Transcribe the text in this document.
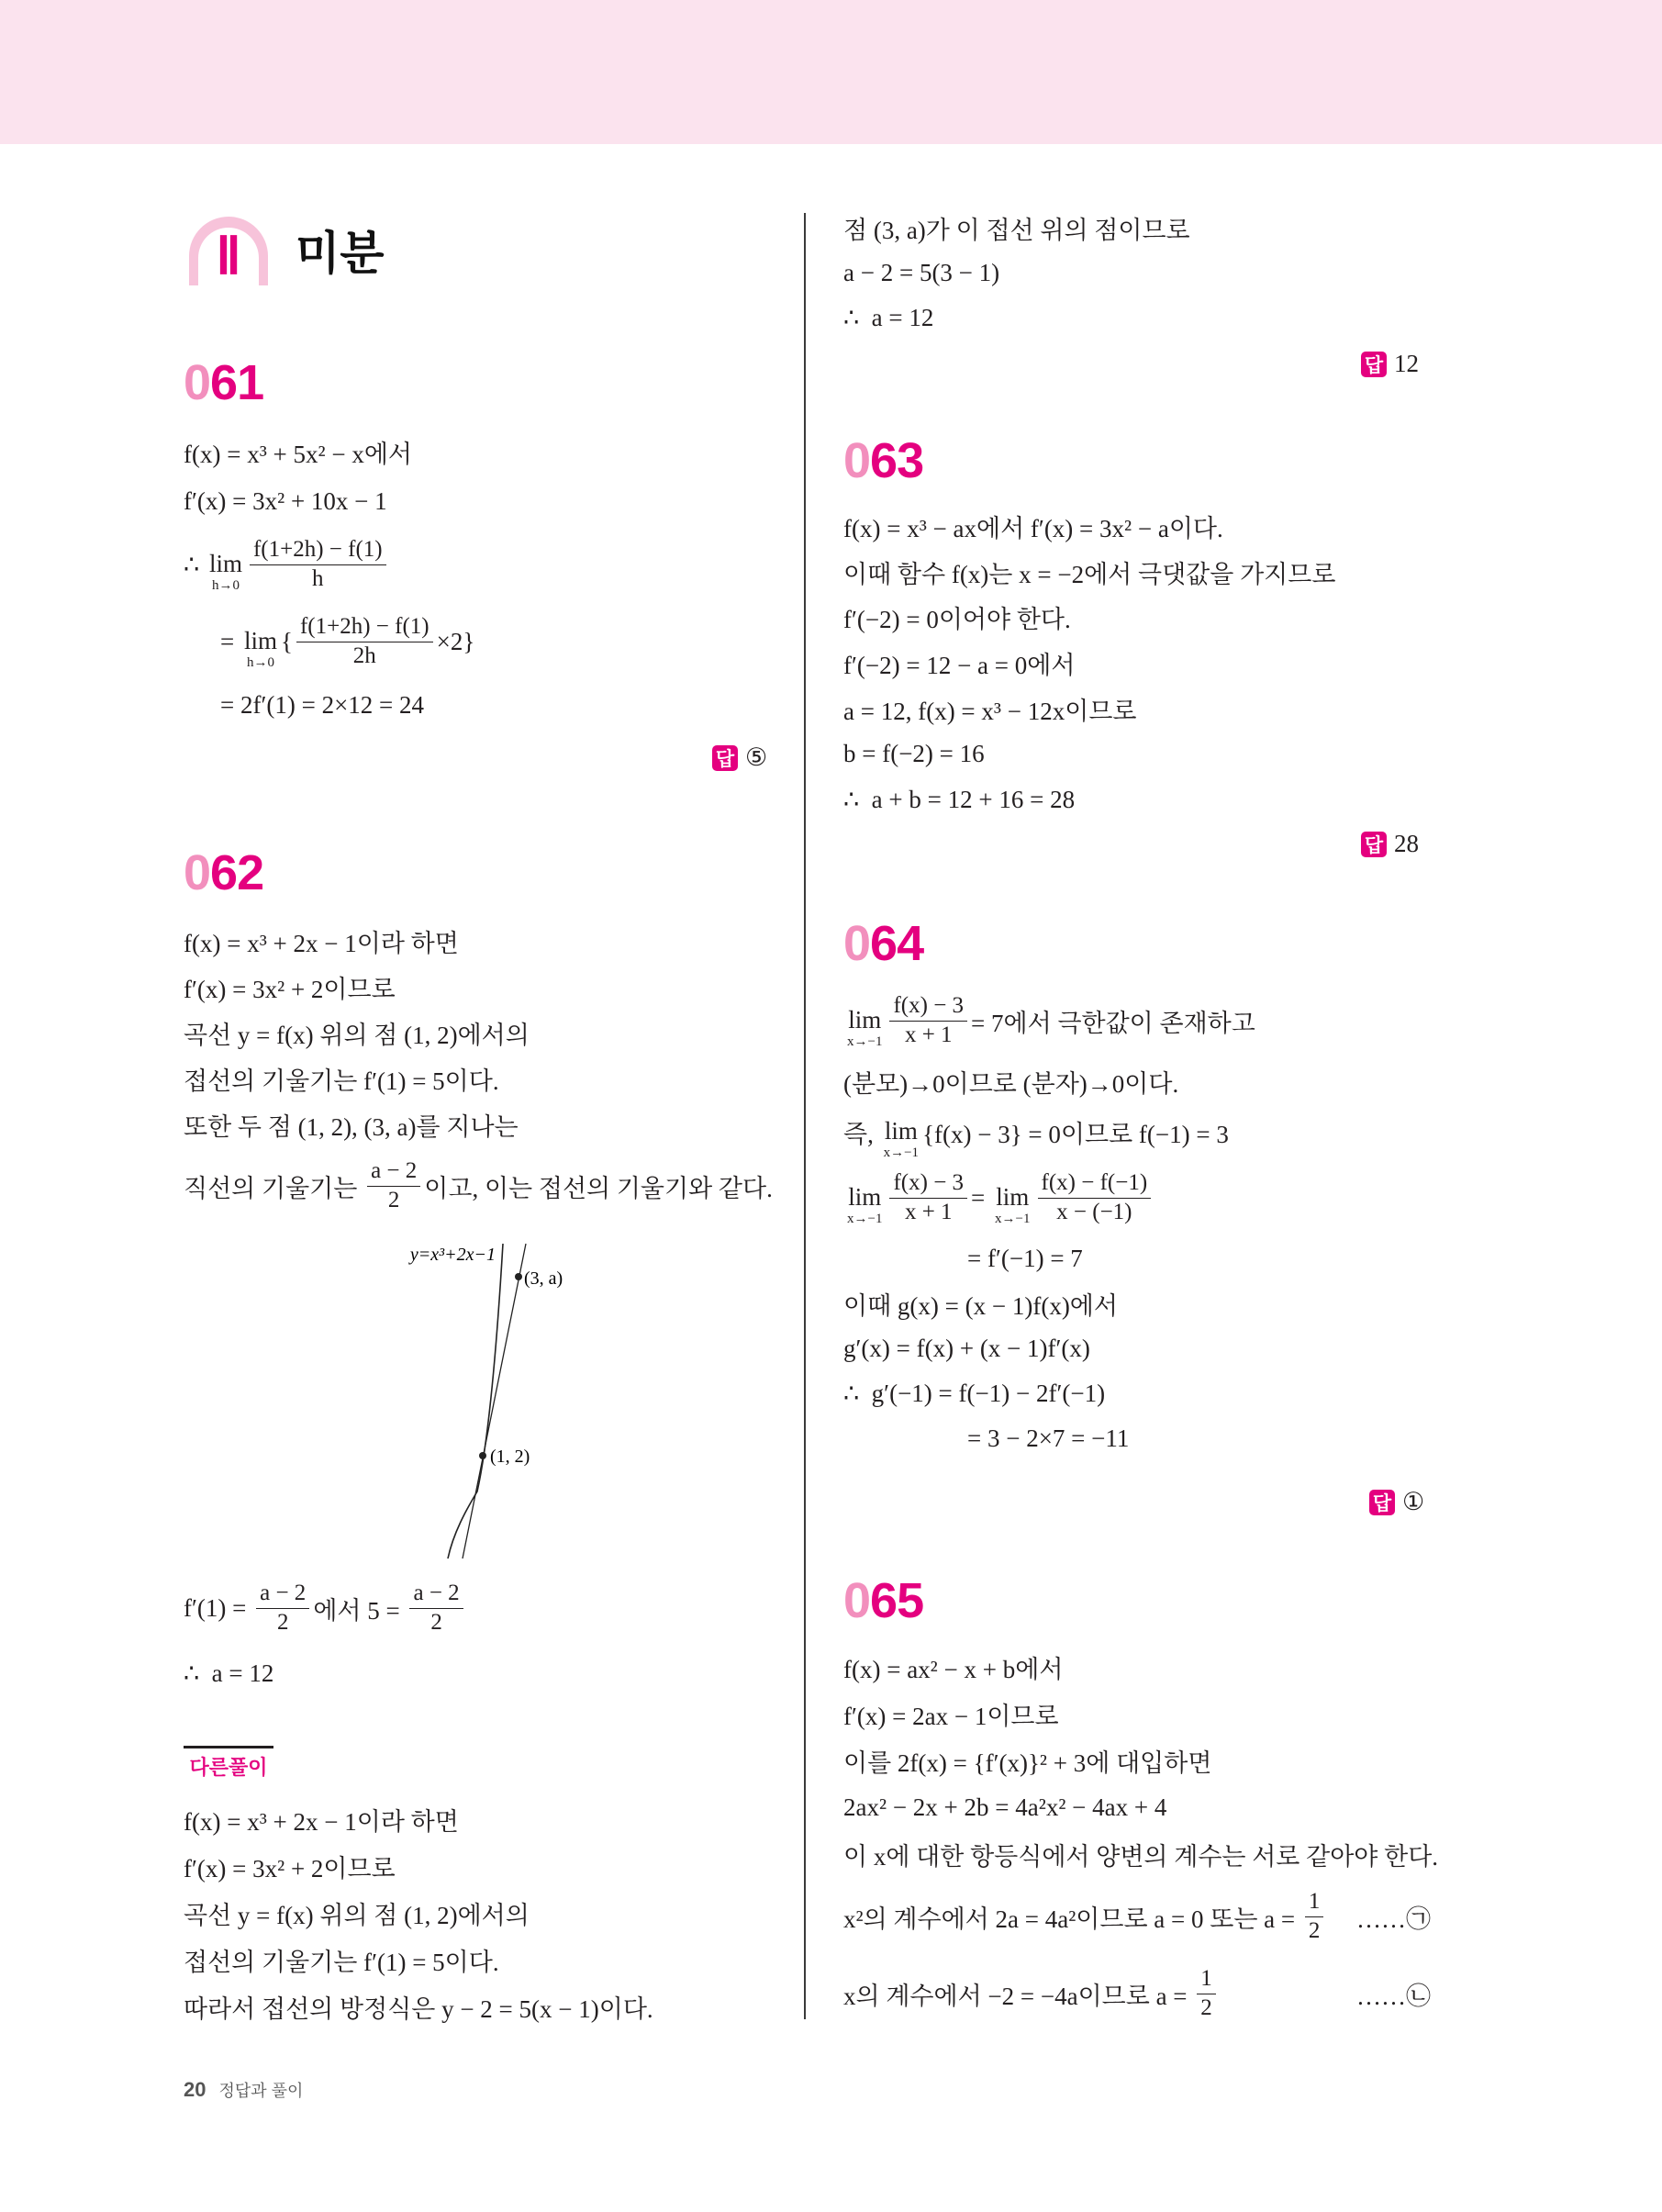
Ⅱ	미분
061
f(x) = x³ + 5x² − x에서
f′(x) = 3x² + 10x − 1
∴ lim
$h\to 0 \frac{f(1+2h) - f(1)}{h}$
= lim
h→0
{ $\frac{f(1+2h) - f(1)}{2h} \times 2$}
= 2f′(1) = 2×12 = 24
답 ⑤
062
f(x) = x³ + 2x − 1이라 하면
f′(x) = 3x² + 2이므로
곡선 y = f(x) 위의 점 (1, 2)에서의
접선의 기울기는 f′(1) = 5이다.
또한 두 점 (1, 2), (3, a)를 지나는
직선의 기울기는 $\frac{a - 2}{2}$ 이고, 이는 접선의 기울기와 같다.
y=x³+2x−1
(3, a)
(1, 2)
$f'(1) = \frac{a - 2}{2}$ 에서 $5 = \frac{a - 2}{2}$
∴  a = 12
다른풀이
f(x) = x³ + 2x − 1이라 하면
f′(x) = 3x² + 2이므로
곡선 y = f(x) 위의 점 (1, 2)에서의
접선의 기울기는 f′(1) = 5이다.
따라서 접선의 방정식은 y − 2 = 5(x − 1)이다.
점 (3, a)가 이 접선 위의 점이므로
a − 2 = 5(3 − 1)
∴  a = 12
답 12
063
f(x) = x³ − ax에서 f′(x) = 3x² − a이다.
이때 함수 f(x)는 x = −2에서 극댓값을 가지므로
f′(−2) = 0이어야 한다.
f′(−2) = 12 − a = 0에서
a = 12, f(x) = x³ − 12x이므로
b = f(−2) = 16
∴  a + b = 12 + 16 = 28
답 28
064
lim
$x\to-1 \frac{f(x) - 3}{x + 1} = 7$에서 극한값이 존재하고
(분모)→0이므로 (분자)→0이다.
즉, lim
x→−1
{f(x) − 3} = 0이므로 f(−1) = 3
lim
$x\to-1 \frac{f(x) - 3}{x + 1} = \lim$
$x\to-1 \frac{f(x) - f(-1)}{x - (-1)}$
= f′(−1) = 7
이때 g(x) = (x − 1)f(x)에서
g′(x) = f(x) + (x − 1)f′(x)
∴  g′(−1) = f(−1) − 2f′(−1)
= 3 − 2×7 = −11
답 ①
065
f(x) = ax² − x + b에서
f′(x) = 2ax − 1이므로
이를 2f(x) = {f′(x)}² + 3에 대입하면
2ax² − 2x + 2b = 4a²x² − 4ax + 4
이 x에 대한 항등식에서 양변의 계수는 서로 같아야 한다.
x²의 계수에서 2a = 4a²이므로 a = 0 또는 $a = \frac{1}{2}$ ……㉠
x의 계수에서 −2 = −4a이므로 $a = \frac{1}{2}$	……㉡
20 정답과 풀이
